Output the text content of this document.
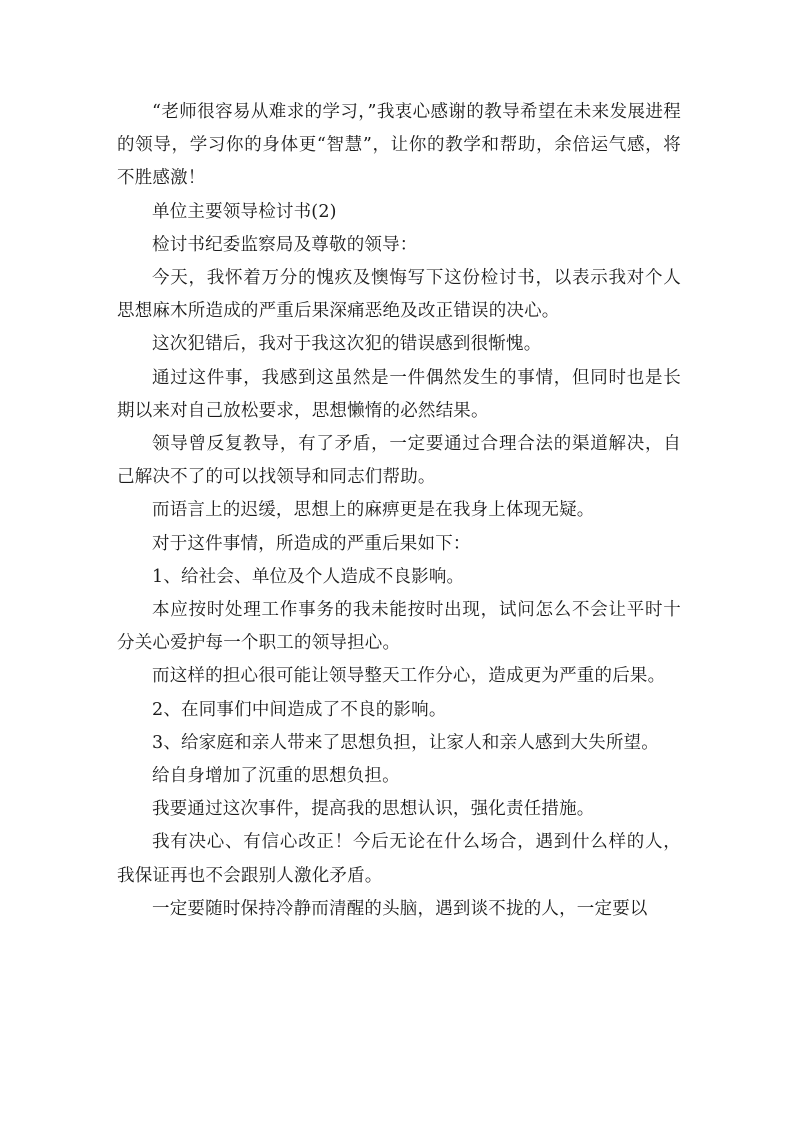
“老师很容易从难求的学习，”我衷心感谢的教导希望在未来发展进程的领导，学习你的身体更“智慧”，让你的教学和帮助，余倍运气感，将不胜感激！

单位主要领导检讨书(2)

检讨书纪委监察局及尊敬的领导：

今天，我怀着万分的愧疚及懊悔写下这份检讨书，以表示我对个人思想麻木所造成的严重后果深痛恶绝及改正错误的决心。

这次犯错后，我对于我这次犯的错误感到很惭愧。

通过这件事，我感到这虽然是一件偶然发生的事情，但同时也是长期以来对自己放松要求，思想懒惰的必然结果。

领导曾反复教导，有了矛盾，一定要通过合理合法的渠道解决，自己解决不了的可以找领导和同志们帮助。

而语言上的迟缓，思想上的麻痹更是在我身上体现无疑。

对于这件事情，所造成的严重后果如下：

1、给社会、单位及个人造成不良影响。

本应按时处理工作事务的我未能按时出现，试问怎么不会让平时十分关心爱护每一个职工的领导担心。

而这样的担心很可能让领导整天工作分心，造成更为严重的后果。

2、在同事们中间造成了不良的影响。

3、给家庭和亲人带来了思想负担，让家人和亲人感到大失所望。

给自身增加了沉重的思想负担。

我要通过这次事件，提高我的思想认识，强化责任措施。

我有决心、有信心改正！今后无论在什么场合，遇到什么样的人，我保证再也不会跟别人激化矛盾。

一定要随时保持冷静而清醒的头脑，遇到谈不拢的人，一定要以
